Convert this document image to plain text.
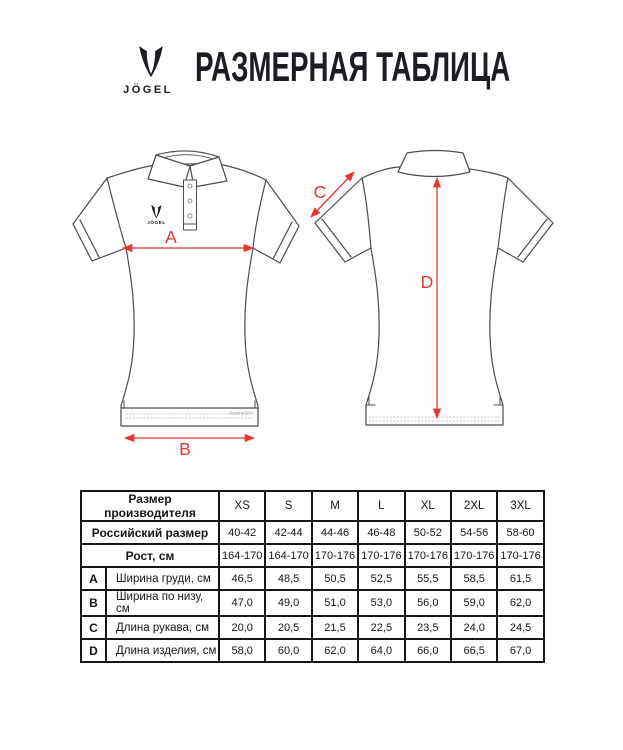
JÖGEL РАЗМЕРНАЯ ТАБЛИЦА
JÖGEL
PerformDRY
A
B
C
D
Размер производителя		XS	S	M	L	XL	2XL	3XL
Российский размер		40-42	42-44	44-46	46-48	50-52	54-56	58-60
Рост, см		164-170	164-170	170-176	170-176	170-176	170-176	170-176
A	Ширина груди, см	46,5	48,5	50,5	52,5	55,5	58,5	61,5
B	Ширина по низу, см	47,0	49,0	51,0	53,0	56,0	59,0	62,0
C	Длина рукава, см	20,0	20,5	21,5	22,5	23,5	24,0	24,5
D	Длина изделия, см	58,0	60,0	62,0	64,0	66,0	66,5	67,0
